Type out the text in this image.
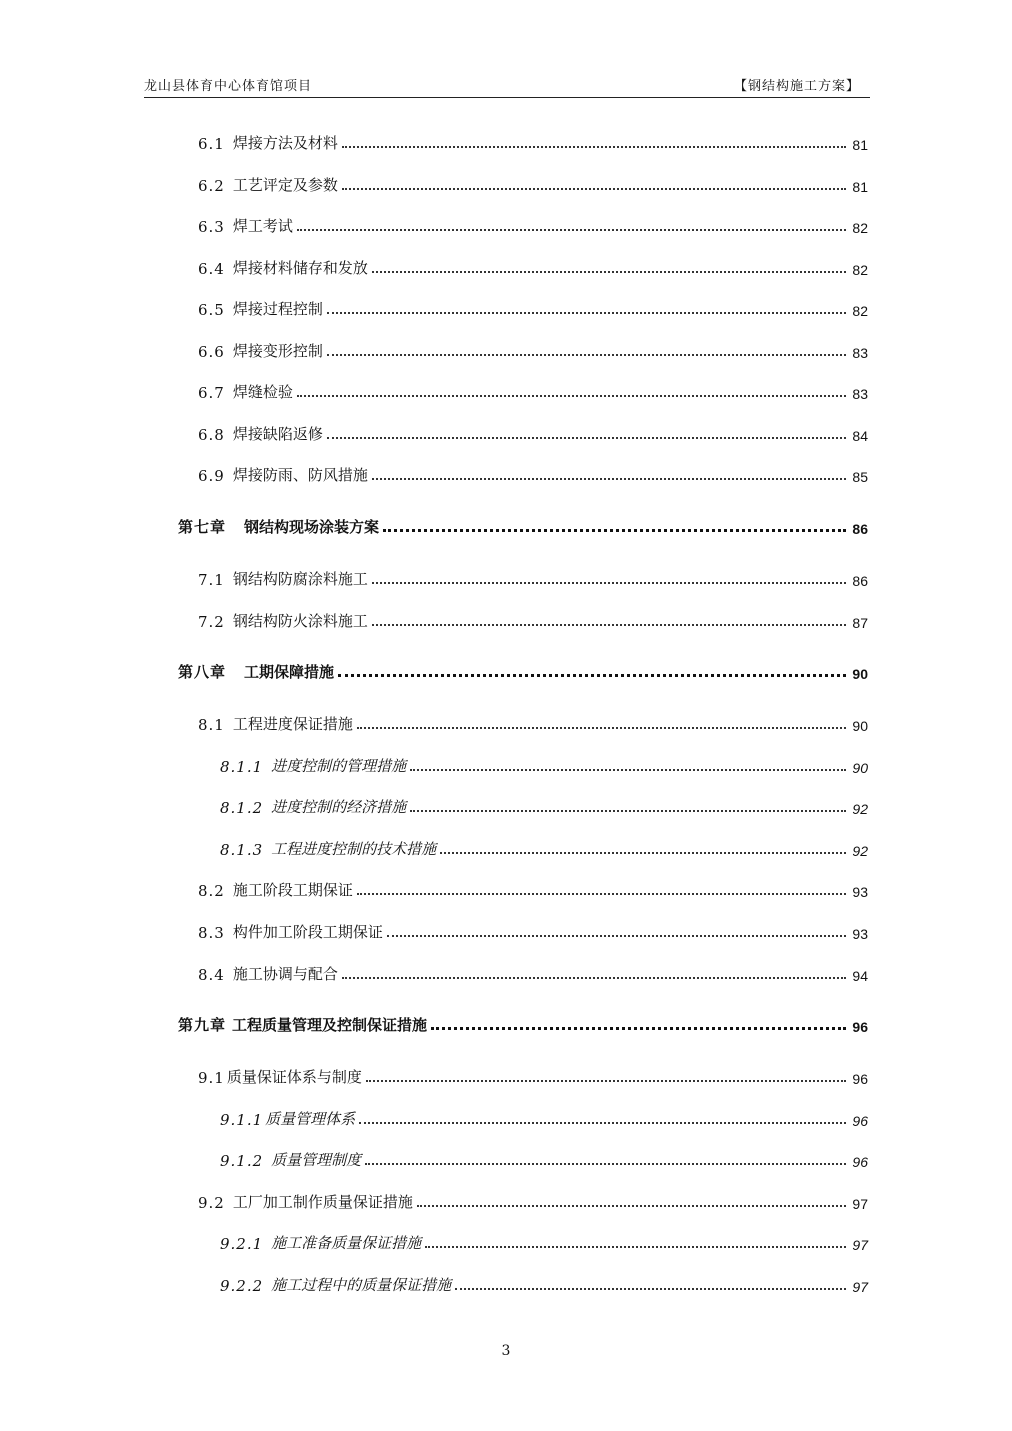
龙山县体育中心体育馆项目	【钢结构施工方案】
6.1 焊接方法及材料	81
6.2 工艺评定及参数	81
6.3 焊工考试	82
6.4 焊接材料储存和发放	82
6.5 焊接过程控制	82
6.6 焊接变形控制	83
6.7 焊缝检验	83
6.8 焊接缺陷返修	84
6.9 焊接防雨、防风措施	85
第七章 钢结构现场涂装方案	86
7.1 钢结构防腐涂料施工	86
7.2 钢结构防火涂料施工	87
第八章 工期保障措施	90
8.1 工程进度保证措施	90
8.1.1 进度控制的管理措施	90
8.1.2 进度控制的经济措施	92
8.1.3 工程进度控制的技术措施	92
8.2 施工阶段工期保证	93
8.3 构件加工阶段工期保证	93
8.4 施工协调与配合	94
第九章 工程质量管理及控制保证措施	96
9.1 质量保证体系与制度	96
9.1.1 质量管理体系	96
9.1.2 质量管理制度	96
9.2 工厂加工制作质量保证措施	97
9.2.1 施工准备质量保证措施	97
9.2.2 施工过程中的质量保证措施	97
3
